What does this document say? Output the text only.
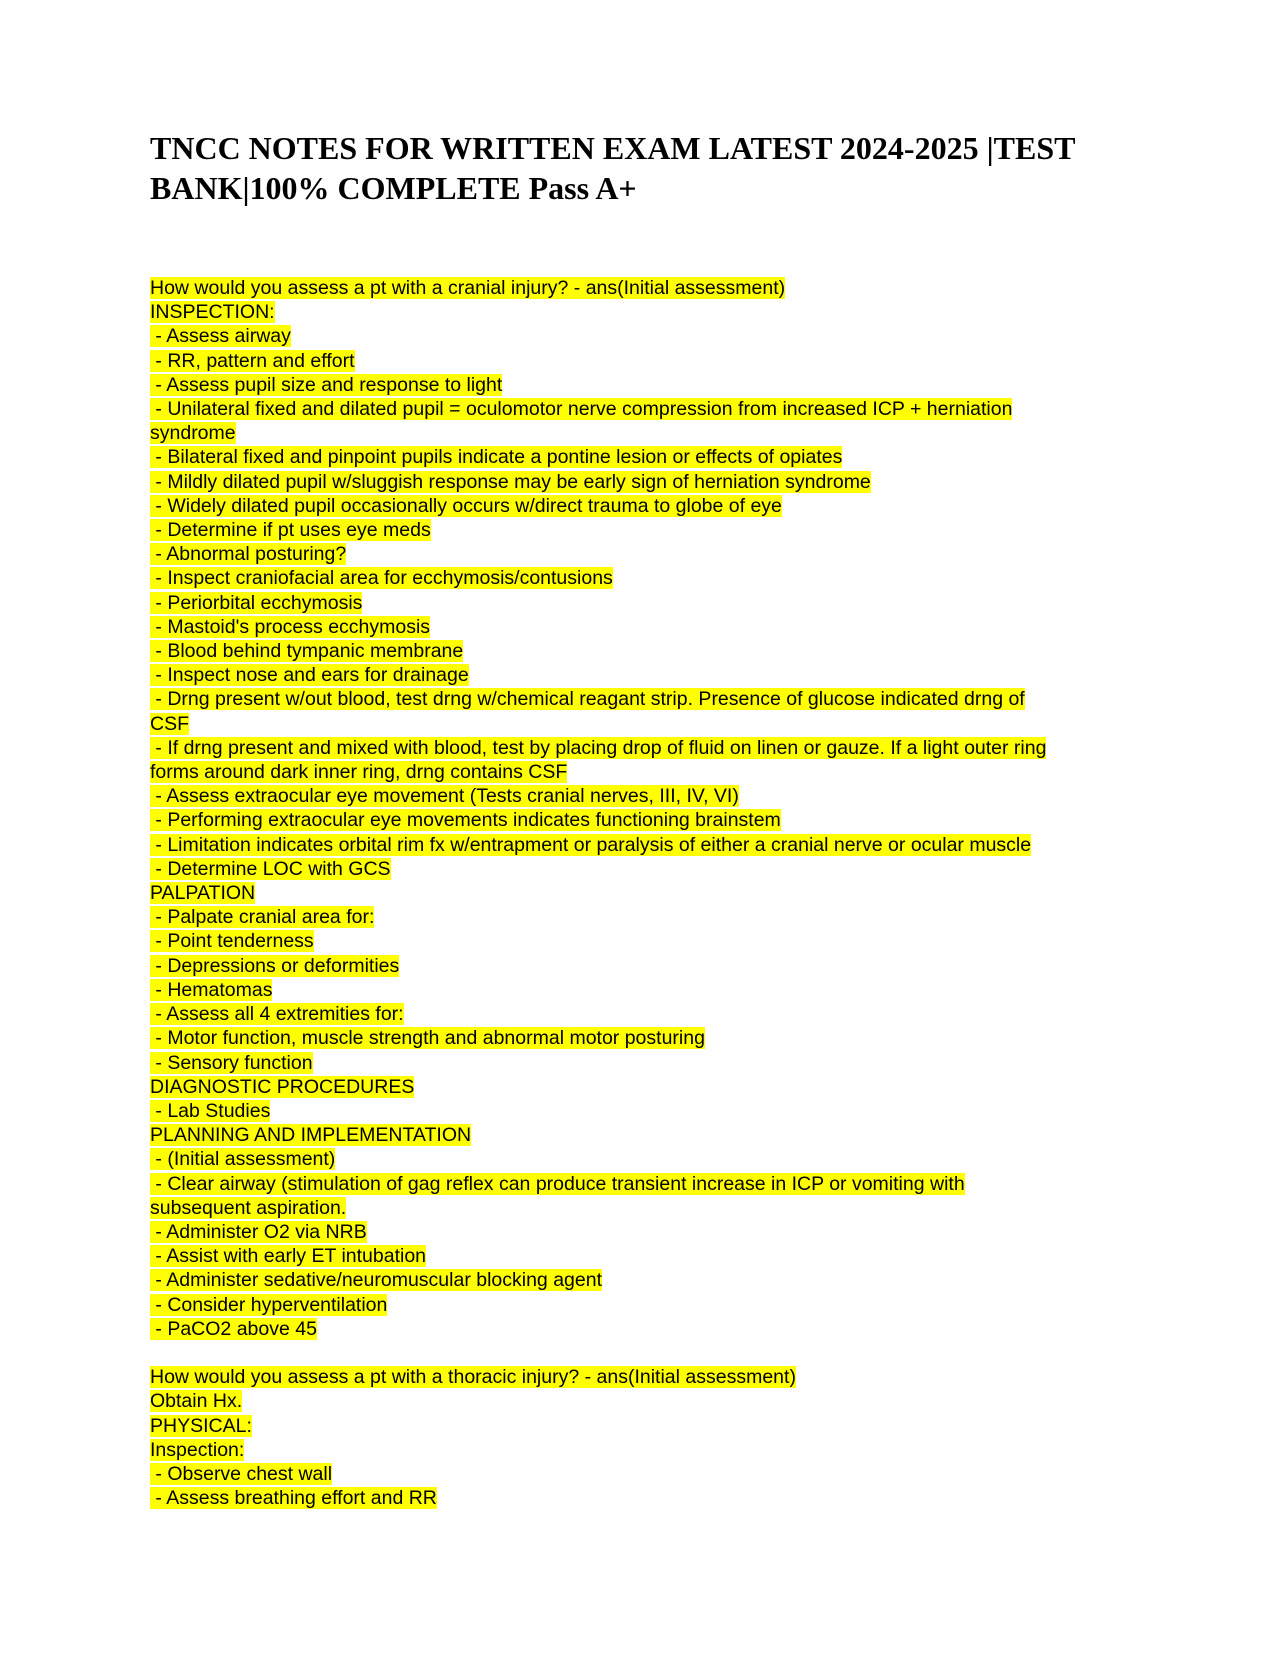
TNCC NOTES FOR WRITTEN EXAM LATEST 2024-2025 |TEST BANK|100% COMPLETE Pass A+
How would you assess a pt with a cranial injury? - ans(Initial assessment)
INSPECTION:
- Assess airway
- RR, pattern and effort
- Assess pupil size and response to light
- Unilateral fixed and dilated pupil = oculomotor nerve compression from increased ICP + herniation
syndrome
- Bilateral fixed and pinpoint pupils indicate a pontine lesion or effects of opiates
- Mildly dilated pupil w/sluggish response may be early sign of herniation syndrome
- Widely dilated pupil occasionally occurs w/direct trauma to globe of eye
- Determine if pt uses eye meds
- Abnormal posturing?
- Inspect craniofacial area for ecchymosis/contusions
- Periorbital ecchymosis
- Mastoid's process ecchymosis
- Blood behind tympanic membrane
- Inspect nose and ears for drainage
- Drng present w/out blood, test drng w/chemical reagant strip. Presence of glucose indicated drng of
CSF
- If drng present and mixed with blood, test by placing drop of fluid on linen or gauze. If a light outer ring
forms around dark inner ring, drng contains CSF
- Assess extraocular eye movement (Tests cranial nerves, III, IV, VI)
- Performing extraocular eye movements indicates functioning brainstem
- Limitation indicates orbital rim fx w/entrapment or paralysis of either a cranial nerve or ocular muscle
- Determine LOC with GCS
PALPATION
- Palpate cranial area for:
- Point tenderness
- Depressions or deformities
- Hematomas
- Assess all 4 extremities for:
- Motor function, muscle strength and abnormal motor posturing
- Sensory function
DIAGNOSTIC PROCEDURES
- Lab Studies
PLANNING AND IMPLEMENTATION
- (Initial assessment)
- Clear airway (stimulation of gag reflex can produce transient increase in ICP or vomiting with
subsequent aspiration.
- Administer O2 via NRB
- Assist with early ET intubation
- Administer sedative/neuromuscular blocking agent
- Consider hyperventilation
- PaCO2 above 45
How would you assess a pt with a thoracic injury? - ans(Initial assessment)
Obtain Hx.
PHYSICAL:
Inspection:
- Observe chest wall
- Assess breathing effort and RR
